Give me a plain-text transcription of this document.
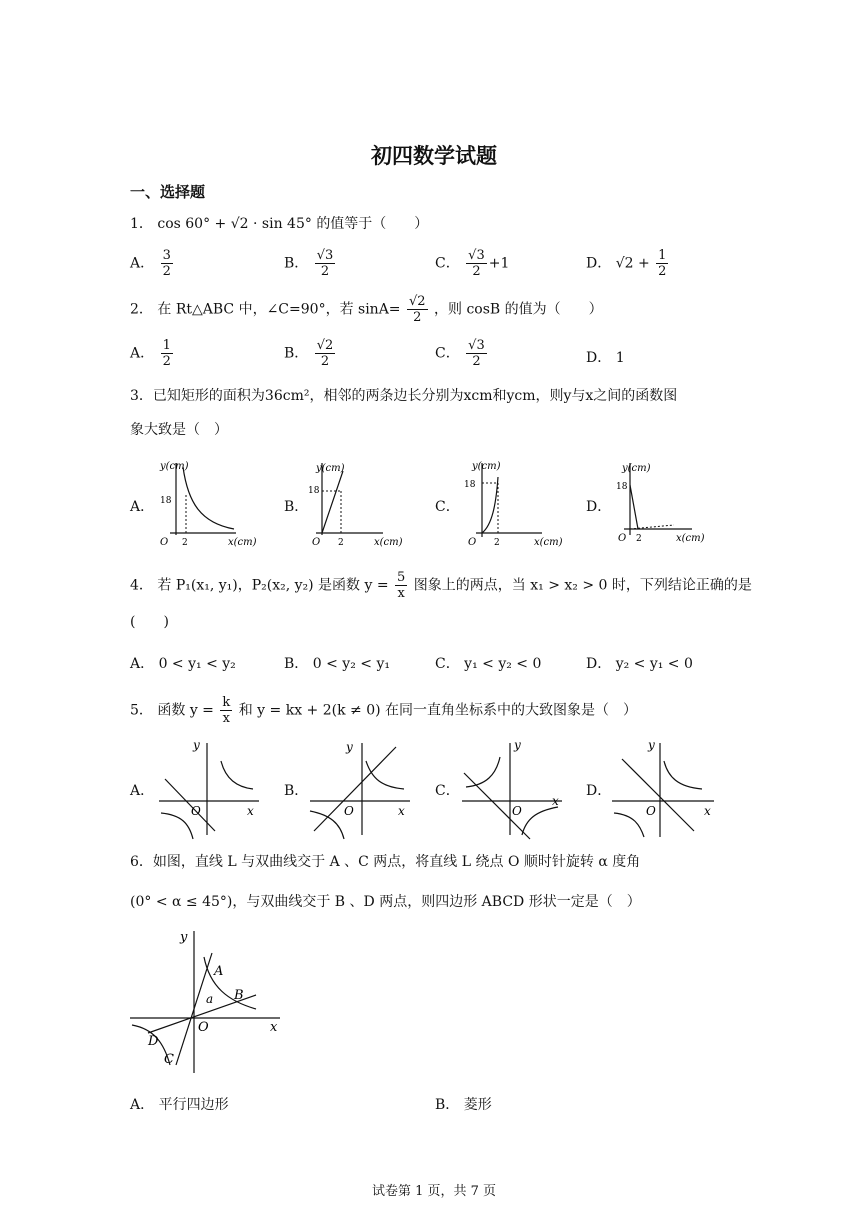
初四数学试题
一、选择题
1． cos 60° + √2 · sin 45° 的值等于（　　）
A． $\frac{3}{2}$	B． $\frac{√3}{2}$	C． $\frac{√3}{2} +1$	D． $√2 + \frac{1}{2}$
2． 在 Rt△ABC 中，∠C=90°，若 $\sin A= \frac{√2}{2}$ ，则 cosB 的值为（　　）
A． $\frac{1}{2}$	B． $\frac{√2}{2}$	C． $\frac{√3}{2}$	D． 1
3．已知矩形的面积为36cm²，相邻的两条边长分别为xcm和ycm，则y与x之间的函数图
象大致是（　）
A．	B．	C．	D．
y(cm)
18
O 2	x(cm)
y(cm)
18
O 2	x(cm)
y(cm)
18
O 2	x(cm)
y(cm)
18
O 2	x(cm)
4． 若 P₁(x₁, y₁)，P₂(x₂, y₂) 是函数 $y = \frac{5}{x}$ 图象上的两点，当 x₁ > x₂ > 0 时，下列结论正确的是
(　　)
A． 0 < y₁ < y₂	B． 0 < y₂ < y₁	C． y₁ < y₂ < 0	D． y₂ < y₁ < 0
5． 函数 $y = \frac{k}{x}$ 和 y = kx + 2(k ≠ 0) 在同一直角坐标系中的大致图象是（　）
A．	B．	C．	D．
y
O	x
y
O	x
y
O
x
y
O	x
6．如图，直线 L 与双曲线交于 A 、C 两点，将直线 L 绕点 O 顺时针旋转 α 度角
(0° < α ≤ 45°)，与双曲线交于 B 、D 两点，则四边形 ABCD 形状一定是（　）
y
x
O
A
B
D
C
a
A． 平行四边形	B． 菱形
试卷第 1 页，共 7 页
